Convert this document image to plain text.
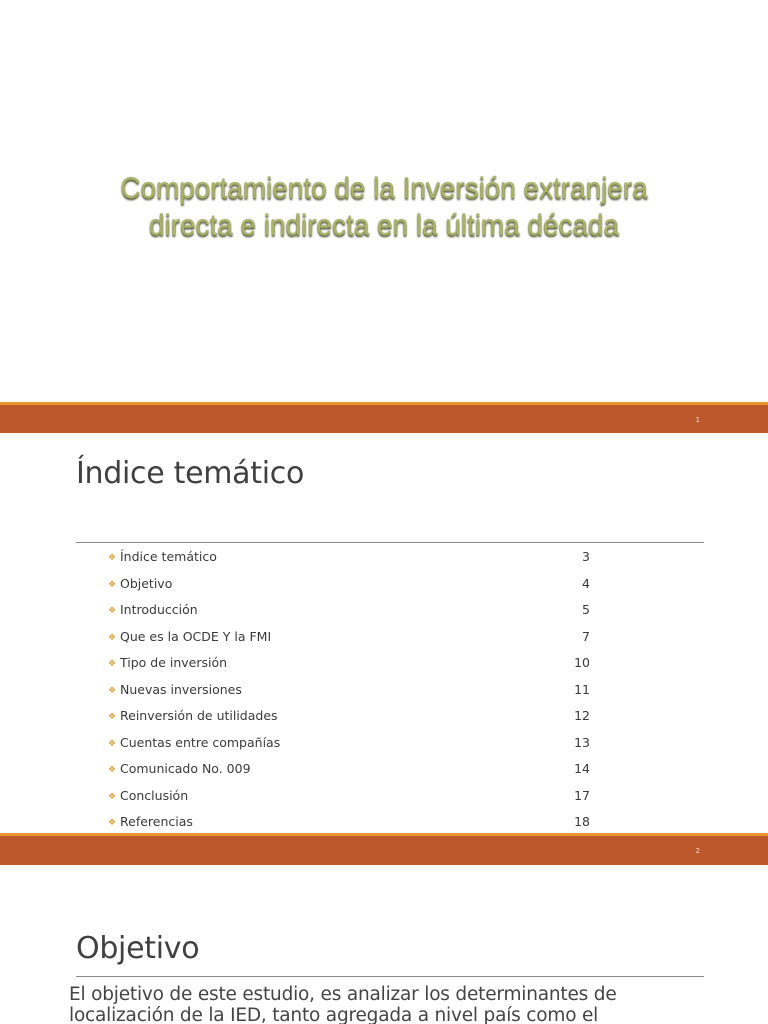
Comportamiento de la Inversión extranjera
directa e indirecta en la última década
1
Índice temático
❖ Índice temático	3
❖ Objetivo	4
❖ Introducción	5
❖ Que es la OCDE Y la FMI	7
❖ Tipo de inversión	10
❖ Nuevas inversiones	11
❖ Reinversión de utilidades	12
❖ Cuentas entre compañías	13
❖ Comunicado No. 009	14
❖ Conclusión	17
❖ Referencias	18
2
Objetivo

El objetivo de este estudio, es analizar los determinantes de localización de la IED, tanto agregada a nivel país como el
